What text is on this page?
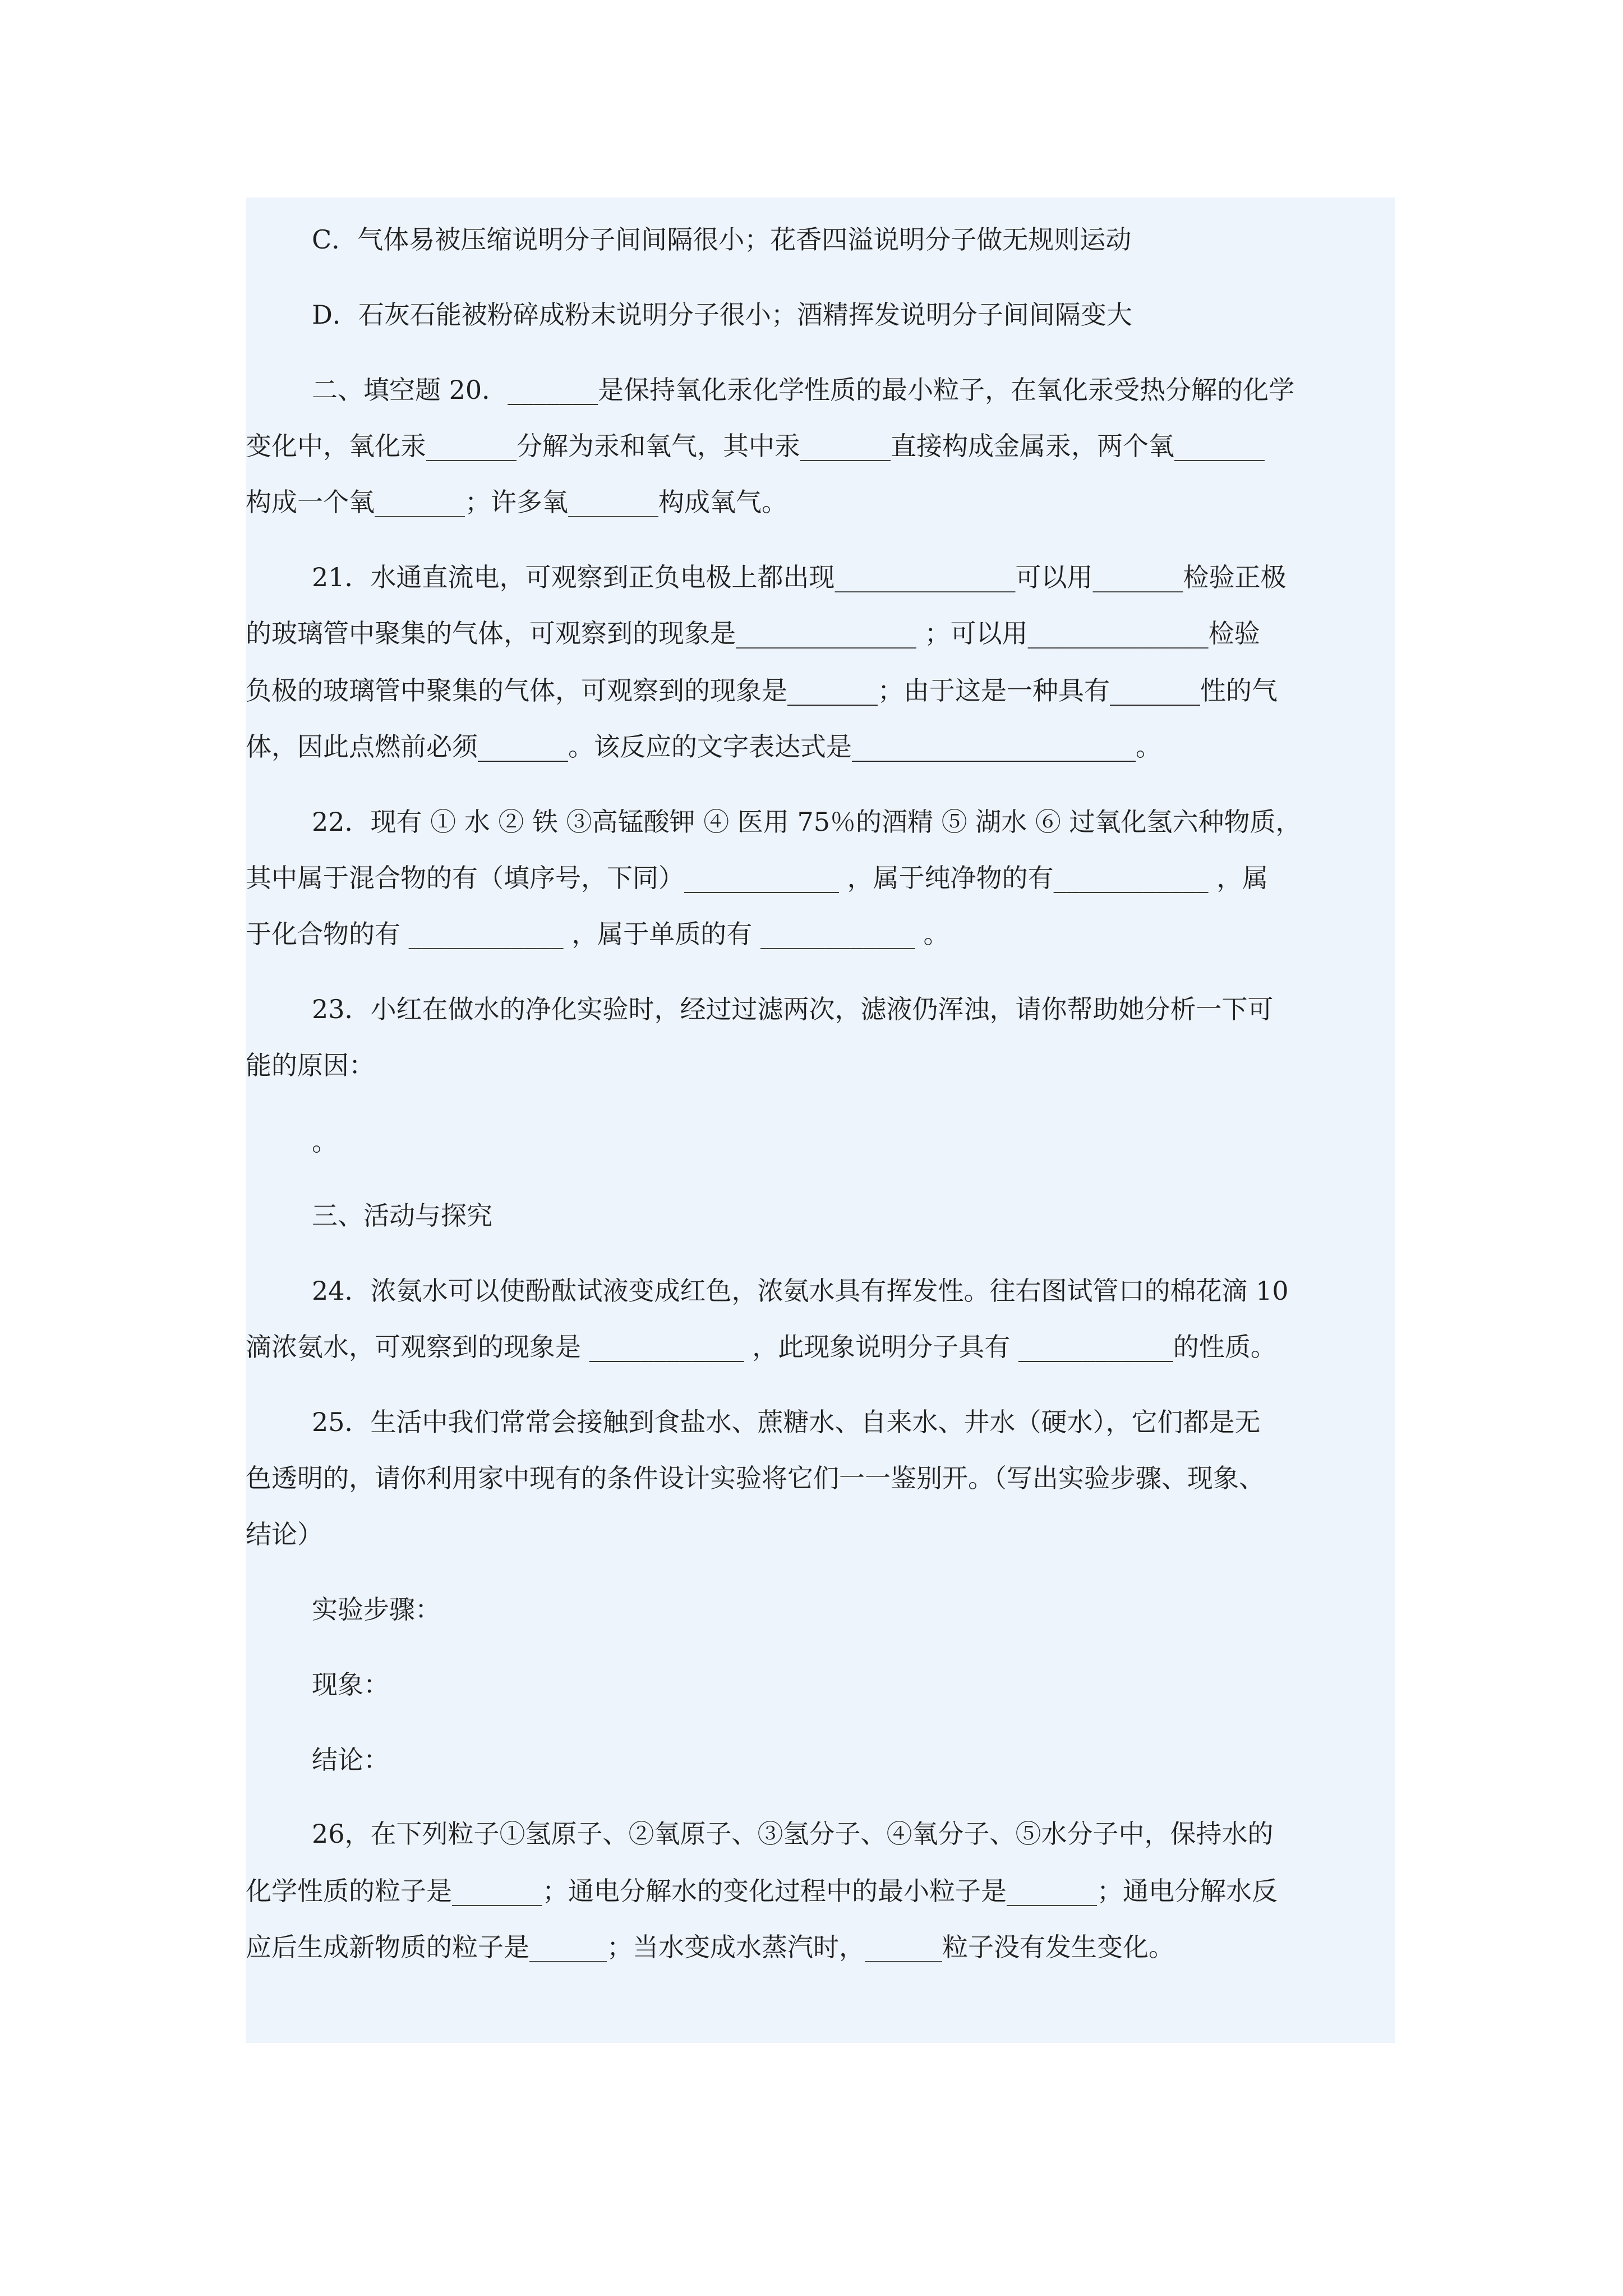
C．气体易被压缩说明分子间间隔很小；花香四溢说明分子做无规则运动

D．石灰石能被粉碎成粉末说明分子很小；酒精挥发说明分子间间隔变大

二、填空题 20．_______是保持氧化汞化学性质的最小粒子，在氧化汞受热分解的化学

变化中，氧化汞_______分解为汞和氧气，其中汞_______直接构成金属汞，两个氧_______

构成一个氧_______；许多氧_______构成氧气。

21．水通直流电，可观察到正负电极上都出现______________可以用_______检验正极

的玻璃管中聚集的气体，可观察到的现象是______________ ；可以用______________检验

负极的玻璃管中聚集的气体，可观察到的现象是_______；由于这是一种具有_______性的气

体，因此点燃前必须_______。该反应的文字表达式是______________________。

22．现有 ① 水 ② 铁 ③高锰酸钾 ④ 医用 75％的酒精 ⑤ 湖水 ⑥ 过氧化氢六种物质，

其中属于混合物的有（填序号，下同）____________ ，属于纯净物的有____________ ，属

于化合物的有 ____________ ，属于单质的有 ____________ 。

23．小红在做水的净化实验时，经过过滤两次，滤液仍浑浊，请你帮助她分析一下可

能的原因：

。

三、活动与探究

24．浓氨水可以使酚酞试液变成红色，浓氨水具有挥发性。往右图试管口的棉花滴 10

滴浓氨水，可观察到的现象是 ____________ ，此现象说明分子具有 ____________的性质。

25．生活中我们常常会接触到食盐水、蔗糖水、自来水、井水（硬水），它们都是无

色透明的，请你利用家中现有的条件设计实验将它们一一鉴别开。（写出实验步骤、现象、

结论）

实验步骤：

现象：

结论：

26，在下列粒子①氢原子、②氧原子、③氢分子、④氧分子、⑤水分子中，保持水的

化学性质的粒子是_______；通电分解水的变化过程中的最小粒子是_______；通电分解水反

应后生成新物质的粒子是______；当水变成水蒸汽时，______粒子没有发生变化。
